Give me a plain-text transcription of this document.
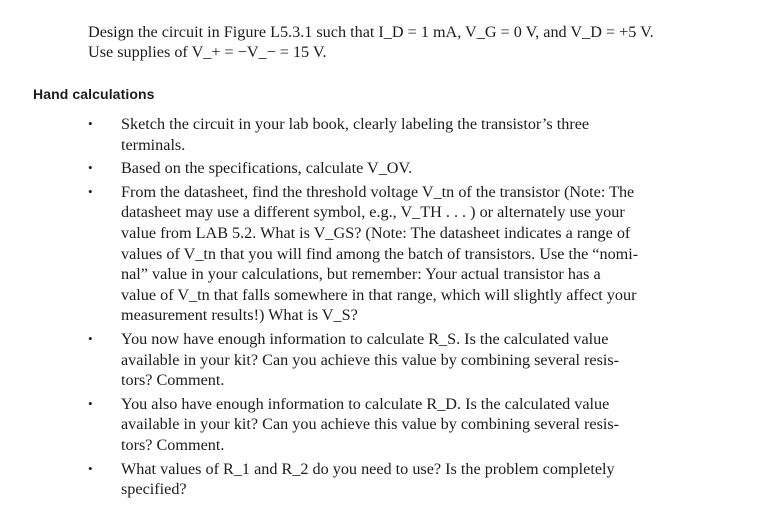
Design the circuit in Figure L5.3.1 such that I_D = 1 mA, V_G = 0 V, and V_D = +5 V.
Use supplies of V_+ = −V_− = 15 V.
Hand calculations
•	Sketch the circuit in your lab book, clearly labeling the transistor’s three
terminals.
•	Based on the specifications, calculate V_OV.
•	From the datasheet, find the threshold voltage V_tn of the transistor (Note: The
datasheet may use a different symbol, e.g., V_TH . . . ) or alternately use your
value from LAB 5.2. What is V_GS? (Note: The datasheet indicates a range of
values of V_tn that you will find among the batch of transistors. Use the “nomi-
nal” value in your calculations, but remember: Your actual transistor has a
value of V_tn that falls somewhere in that range, which will slightly affect your
measurement results!) What is V_S?
•	You now have enough information to calculate R_S. Is the calculated value
available in your kit? Can you achieve this value by combining several resis-
tors? Comment.
•	You also have enough information to calculate R_D. Is the calculated value
available in your kit? Can you achieve this value by combining several resis-
tors? Comment.
•	What values of R_1 and R_2 do you need to use? Is the problem completely
specified?
